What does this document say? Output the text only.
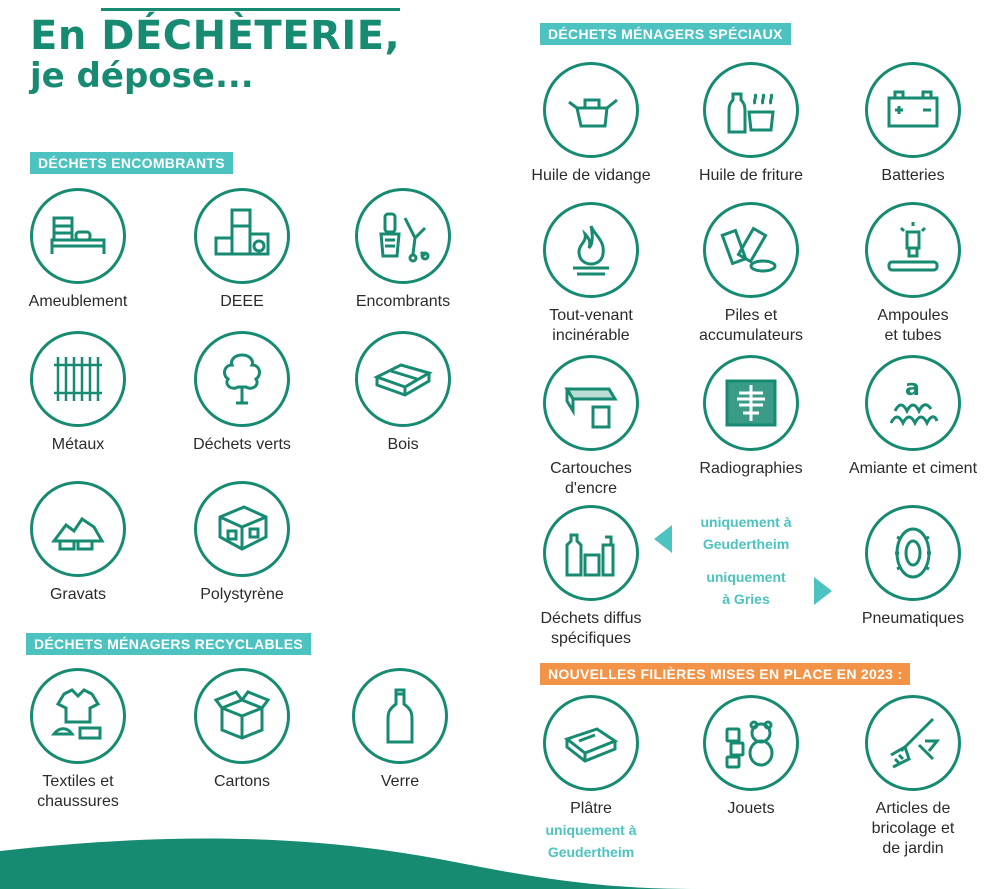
En DÉCHÈTERIE,
je dépose...
DÉCHETS ENCOMBRANTS
DÉCHETS MÉNAGERS RECYCLABLES
DÉCHETS MÉNAGERS SPÉCIAUX
NOUVELLES FILIÈRES MISES EN PLACE EN 2023 :
Ameublement	DEEE	Encombrants
Métaux	Déchets verts	Bois
Gravats	Polystyrène
Textiles et
chaussures
Cartons	Verre
Huile de vidange	Huile de friture	Batteries
Tout-venant
incinérable
Piles et
accumulateurs
Ampoules
et tubes
Cartouches
d'encre
Radiographies
a
Amiante et ciment
Déchets diffus
spécifiques
Pneumatiques
uniquement à
Geudertheim
uniquement
à Gries
Plâtre
uniquement à
Geudertheim
Jouets	Articles de
bricolage et
de jardin
